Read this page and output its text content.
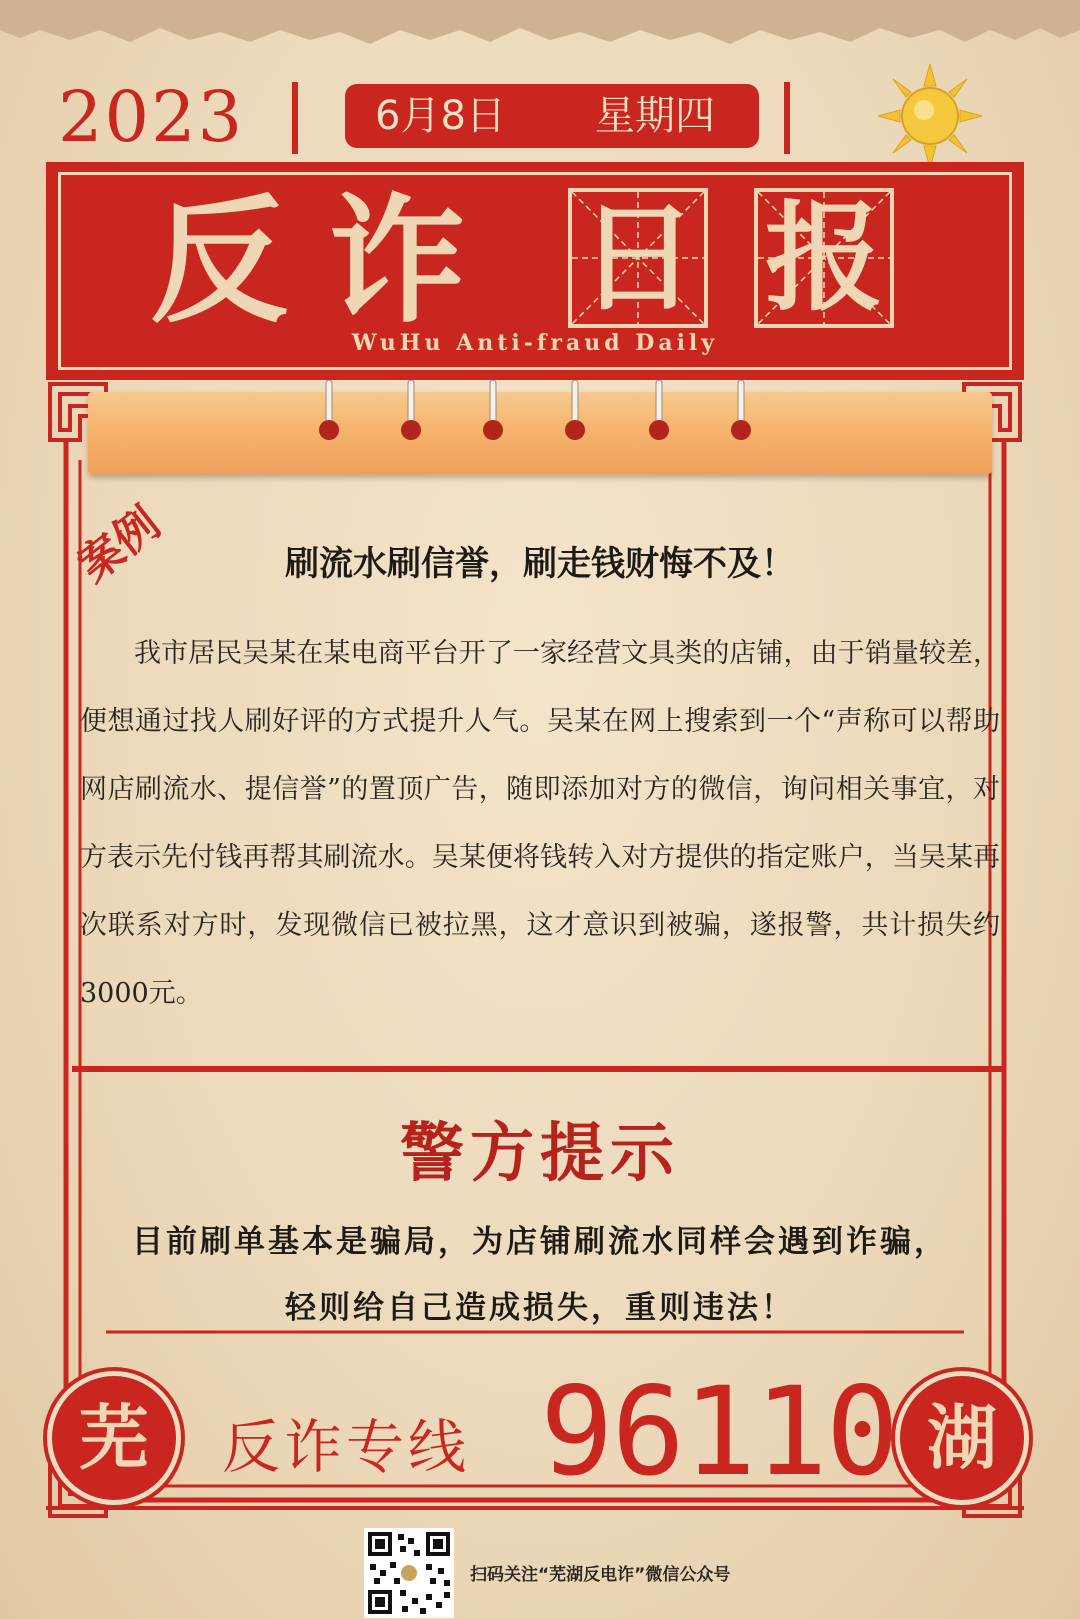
2023	6月8日	星期四
反 诈 日 报
WuHu Anti-fraud Daily
案例	刷流水刷信誉，刷走钱财悔不及！

我市居民吴某在某电商平台开了一家经营文具类的店铺，由于销量较差，便想通过找人刷好评的方式提升人气。吴某在网上搜索到一个“声称可以帮助网店刷流水、提信誉”的置顶广告，随即添加对方的微信，询问相关事宜，对方表示先付钱再帮其刷流水。吴某便将钱转入对方提供的指定账户，当吴某再次联系对方时，发现微信已被拉黑，这才意识到被骗，遂报警，共计损失约3000元。

警方提示
目前刷单基本是骗局，为店铺刷流水同样会遇到诈骗，
轻则给自己造成损失，重则违法！
芜	反诈专线 96110 湖
扫码关注“芜湖反电诈”微信公众号
